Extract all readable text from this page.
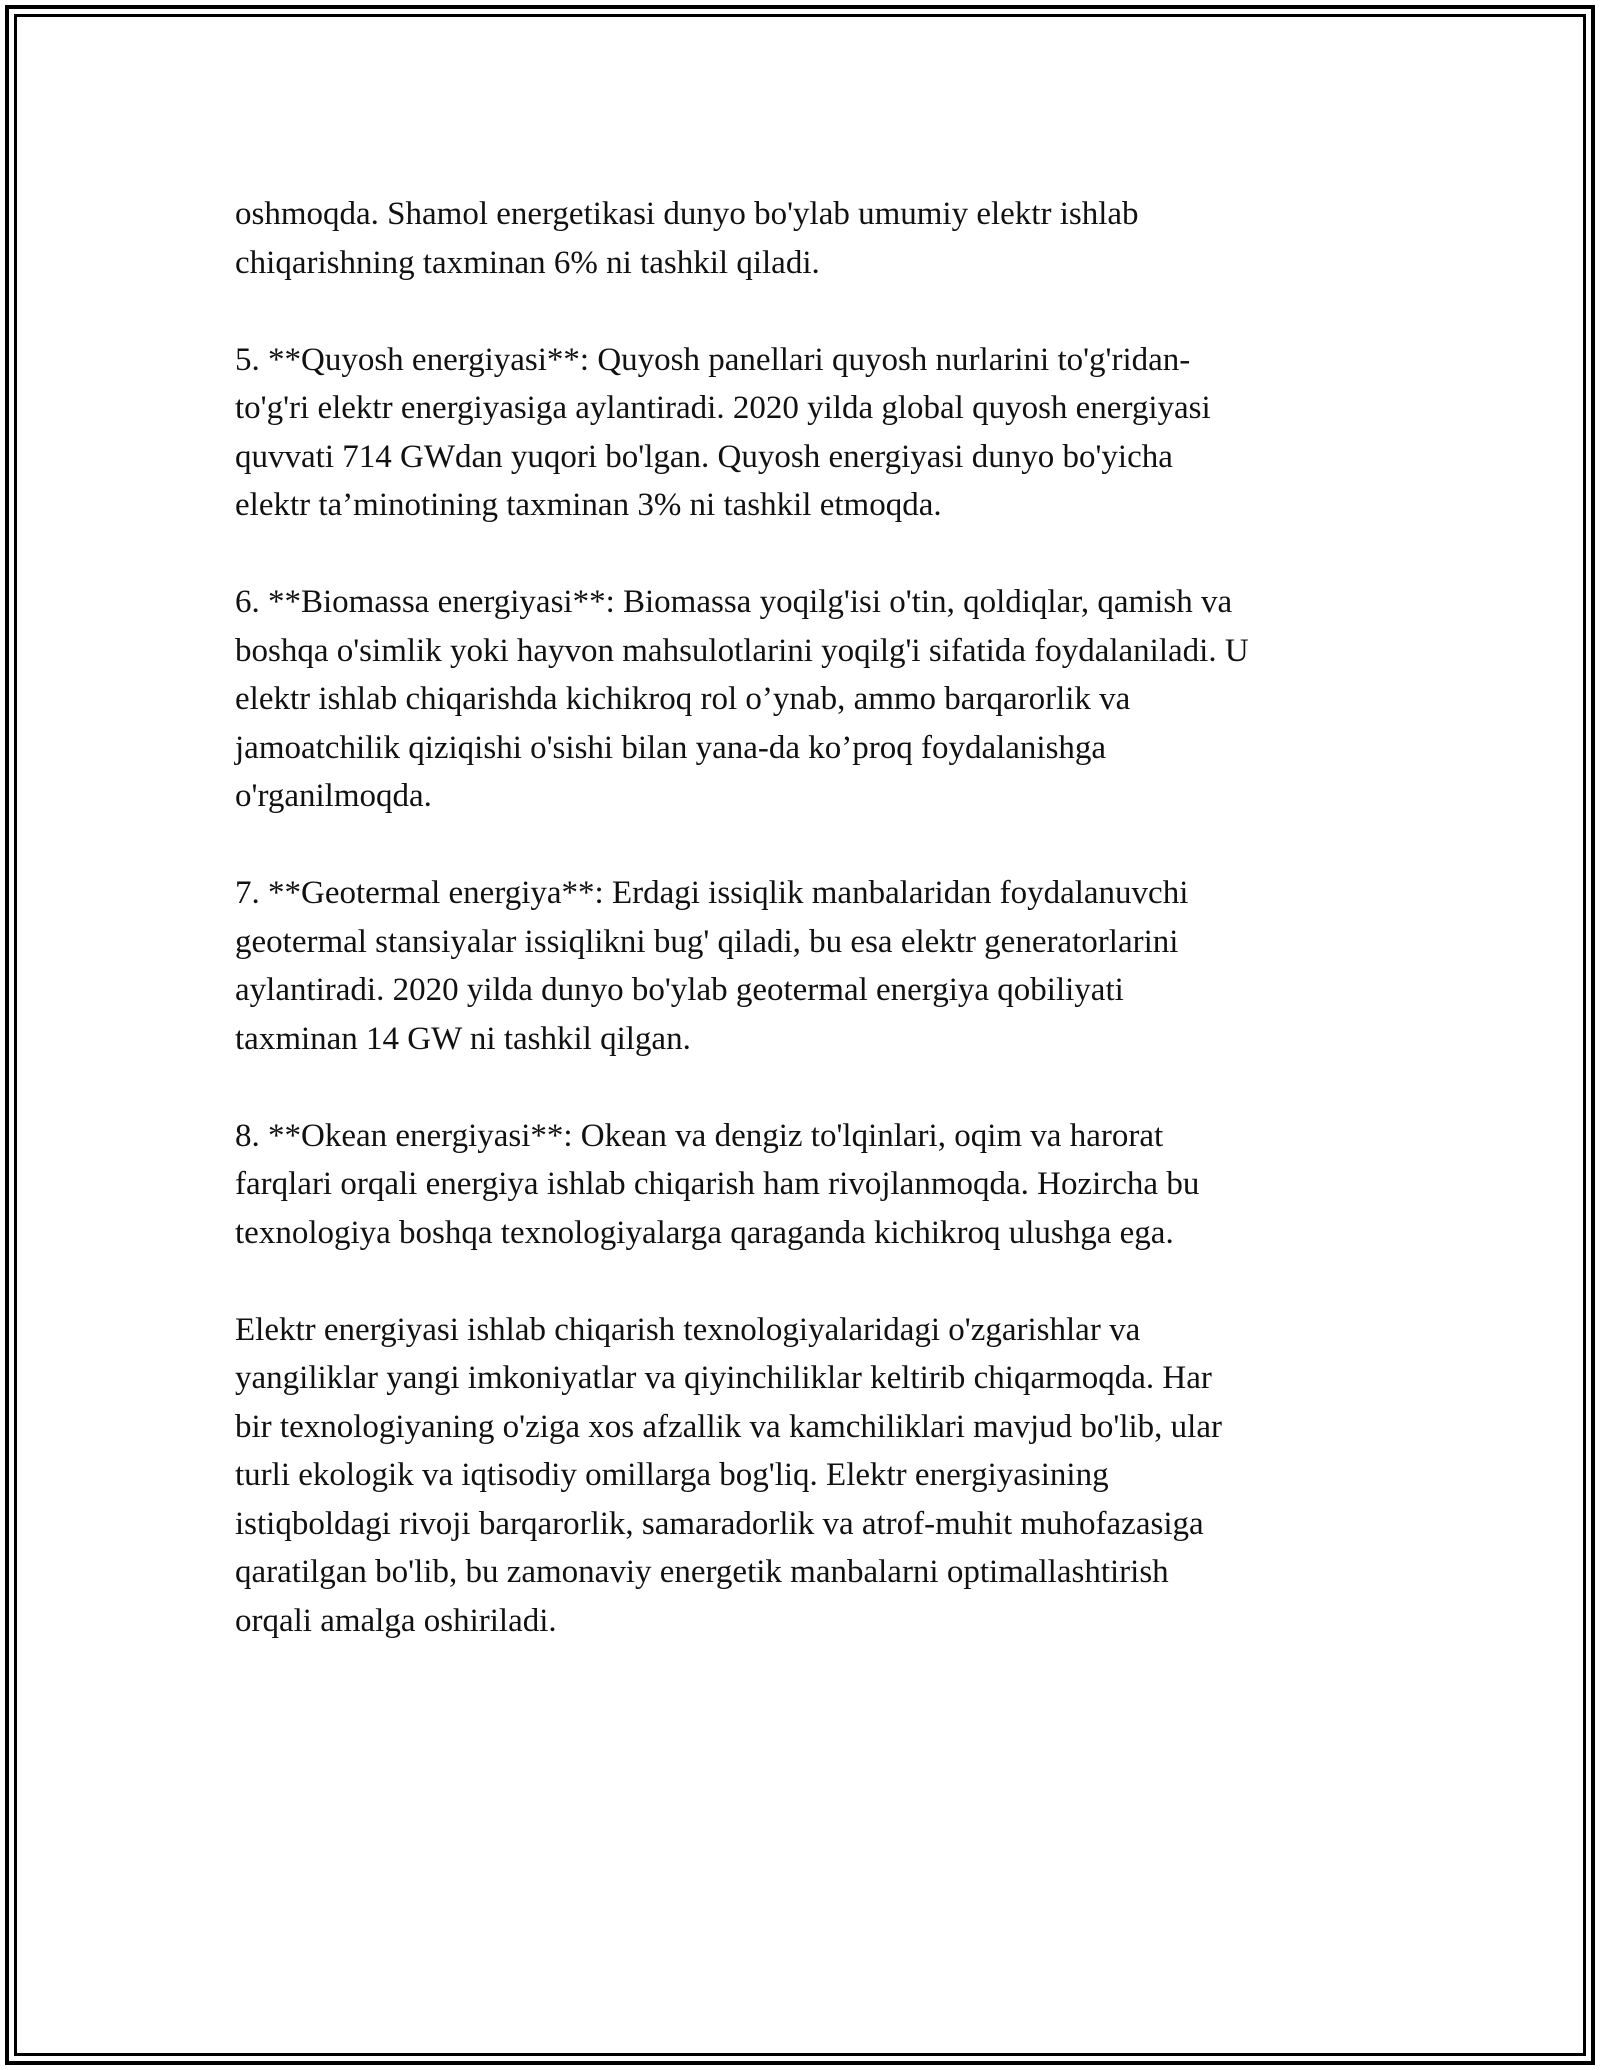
oshmoqda. Shamol energetikasi dunyo bo'ylab umumiy elektr ishlab
chiqarishning taxminan 6% ni tashkil qiladi.

5. **Quyosh energiyasi**: Quyosh panellari quyosh nurlarini to'g'ridan-
to'g'ri elektr energiyasiga aylantiradi. 2020 yilda global quyosh energiyasi
quvvati 714 GWdan yuqori bo'lgan. Quyosh energiyasi dunyo bo'yicha
elektr ta’minotining taxminan 3% ni tashkil etmoqda.

6. **Biomassa energiyasi**: Biomassa yoqilg'isi o'tin, qoldiqlar, qamish va
boshqa o'simlik yoki hayvon mahsulotlarini yoqilg'i sifatida foydalaniladi. U
elektr ishlab chiqarishda kichikroq rol o’ynab, ammo barqarorlik va
jamoatchilik qiziqishi o'sishi bilan yana-da ko’proq foydalanishga
o'rganilmoqda.

7. **Geotermal energiya**: Erdagi issiqlik manbalaridan foydalanuvchi
geotermal stansiyalar issiqlikni bug' qiladi, bu esa elektr generatorlarini
aylantiradi. 2020 yilda dunyo bo'ylab geotermal energiya qobiliyati
taxminan 14 GW ni tashkil qilgan.

8. **Okean energiyasi**: Okean va dengiz to'lqinlari, oqim va harorat
farqlari orqali energiya ishlab chiqarish ham rivojlanmoqda. Hozircha bu
texnologiya boshqa texnologiyalarga qaraganda kichikroq ulushga ega.

Elektr energiyasi ishlab chiqarish texnologiyalaridagi o'zgarishlar va
yangiliklar yangi imkoniyatlar va qiyinchiliklar keltirib chiqarmoqda. Har
bir texnologiyaning o'ziga xos afzallik va kamchiliklari mavjud bo'lib, ular
turli ekologik va iqtisodiy omillarga bog'liq. Elektr energiyasining
istiqboldagi rivoji barqarorlik, samaradorlik va atrof-muhit muhofazasiga
qaratilgan bo'lib, bu zamonaviy energetik manbalarni optimallashtirish
orqali amalga oshiriladi.
